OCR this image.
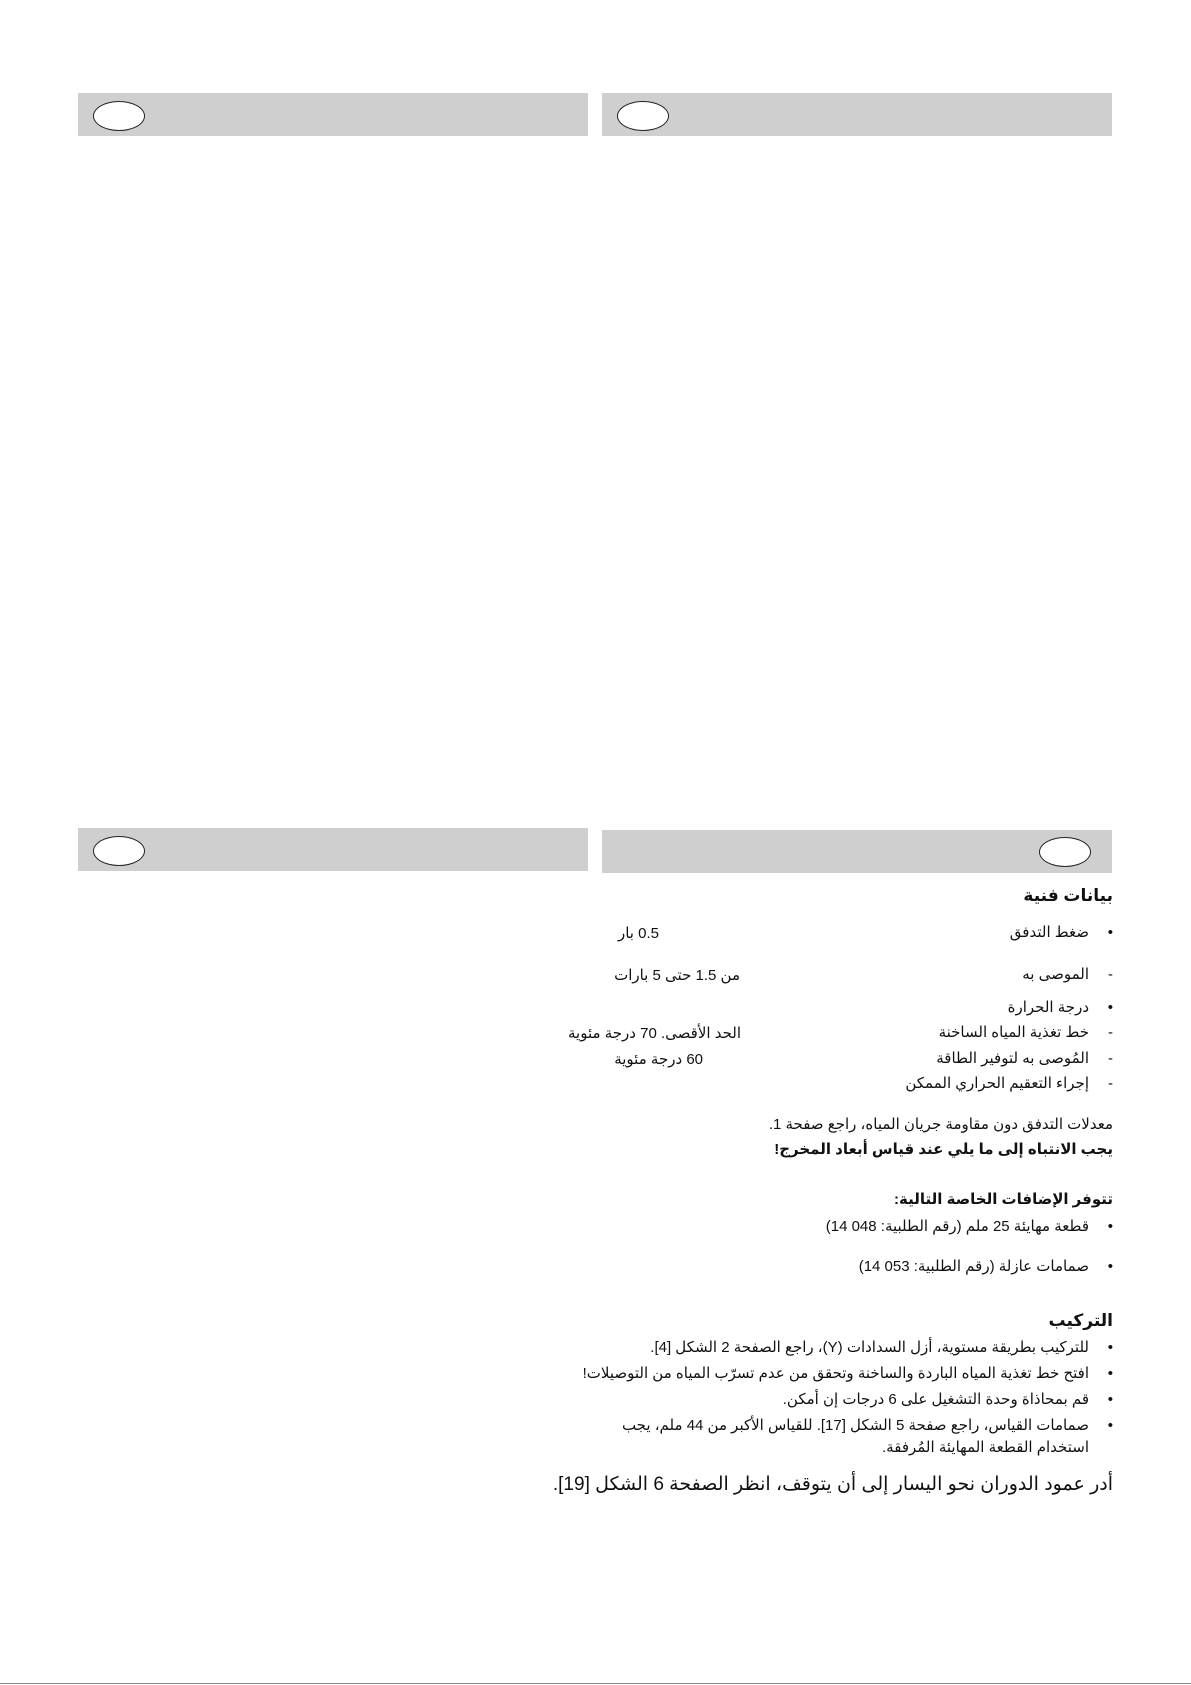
بيانات فنية
• ضغط التدفق
0.5 بار
- الموصى به
من 1.5 حتى 5 بارات
• درجة الحرارة
- خط تغذية المياه الساخنة
الحد الأقصى. 70 درجة مئوية
- المُوصى به لتوفير الطاقة
60 درجة مئوية
- إجراء التعقيم الحراري الممكن
معدلات التدفق دون مقاومة جريان المياه، راجع صفحة 1.
يجب الانتباه إلى ما يلي عند قياس أبعاد المخرج!
تتوفر الإضافات الخاصة التالية:
• قطعة مهايئة 25 ملم (رقم الطلبية: 048 14)
• صمامات عازلة (رقم الطلبية: 053 14)
التركيب
• للتركيب بطريقة مستوية، أزل السدادات (Y)، راجع الصفحة 2 الشكل [4].
• افتح خط تغذية المياه الباردة والساخنة وتحقق من عدم تسرّب المياه من التوصيلات!
• قم بمحاذاة وحدة التشغيل على 6 درجات إن أمكن.
• صمامات القياس، راجع صفحة 5 الشكل [17]. للقياس الأكبر من 44 ملم، يجب
استخدام القطعة المهايئة المُرفقة.
أدر عمود الدوران نحو اليسار إلى أن يتوقف، انظر الصفحة 6 الشكل [19].
